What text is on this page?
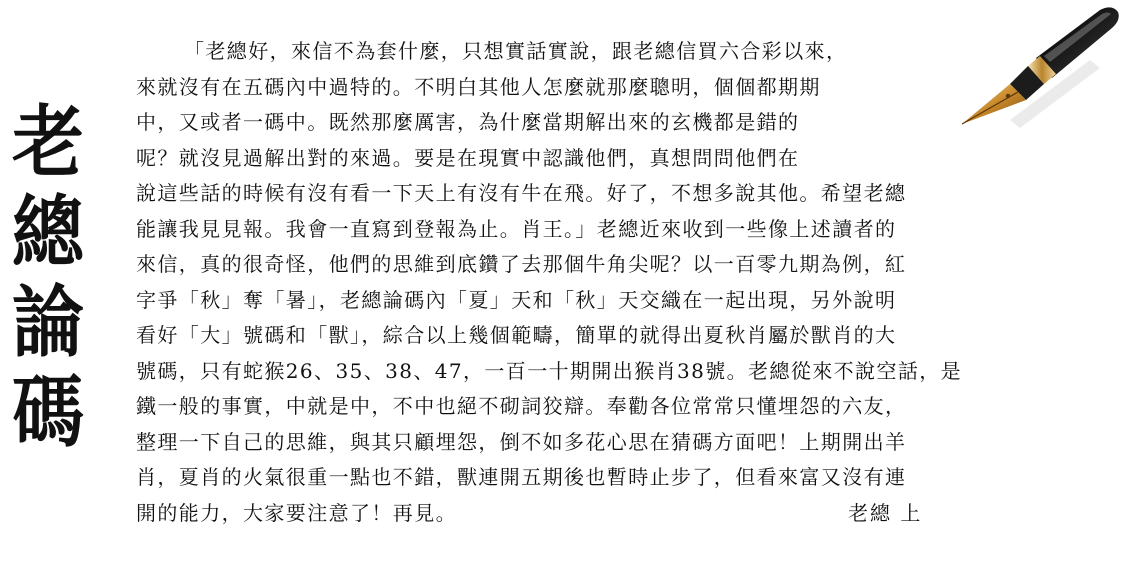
老
總
論
碼
「老總好，來信不為套什麼，只想實話實說，跟老總信買六合彩以來，
來就沒有在五碼內中過特的。不明白其他人怎麼就那麼聰明，個個都期期
中，又或者一碼中。既然那麼厲害，為什麼當期解出來的玄機都是錯的
呢？就沒見過解出對的來過。要是在現實中認識他們，真想問問他們在
說這些話的時候有沒有看一下天上有沒有牛在飛。好了，不想多說其他。希望老總
能讓我見見報。我會一直寫到登報為止。肖王。」老總近來收到一些像上述讀者的
來信，真的很奇怪，他們的思維到底鑽了去那個牛角尖呢？以一百零九期為例，紅
字爭「秋」奪「暑」，老總論碼內「夏」天和「秋」天交織在一起出現，另外說明
看好「大」號碼和「獸」，綜合以上幾個範疇，簡單的就得出夏秋肖屬於獸肖的大
號碼，只有蛇猴26、35、38、47，一百一十期開出猴肖38號。老總從來不說空話，是
鐵一般的事實，中就是中，不中也絕不砌詞狡辯。奉勸各位常常只懂埋怨的六友，
整理一下自己的思維，與其只顧埋怨，倒不如多花心思在猜碼方面吧！上期開出羊
肖，夏肖的火氣很重一點也不錯，獸連開五期後也暫時止步了，但看來富又沒有連
開的能力，大家要注意了！再見。	老總 上
